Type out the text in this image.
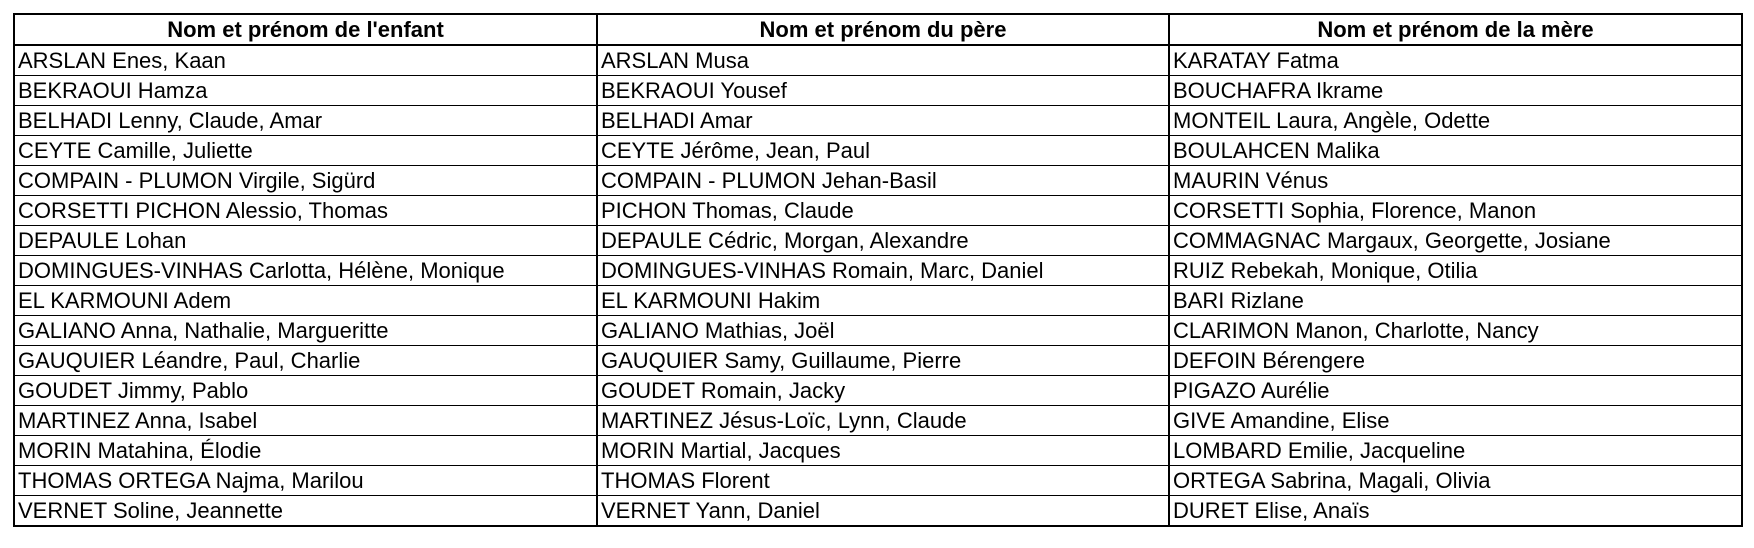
Nom et prénom de l'enfant	Nom et prénom du père	Nom et prénom de la mère
ARSLAN Enes, Kaan	ARSLAN Musa	KARATAY Fatma
BEKRAOUI Hamza	BEKRAOUI Yousef	BOUCHAFRA Ikrame
BELHADI Lenny, Claude, Amar	BELHADI Amar	MONTEIL Laura, Angèle, Odette
CEYTE Camille, Juliette	CEYTE Jérôme, Jean, Paul	BOULAHCEN Malika
COMPAIN - PLUMON Virgile, Sigürd	COMPAIN - PLUMON Jehan-Basil	MAURIN Vénus
CORSETTI PICHON Alessio, Thomas	PICHON Thomas, Claude	CORSETTI Sophia, Florence, Manon
DEPAULE Lohan	DEPAULE Cédric, Morgan, Alexandre	COMMAGNAC Margaux, Georgette, Josiane
DOMINGUES-VINHAS Carlotta, Hélène, Monique	DOMINGUES-VINHAS Romain, Marc, Daniel	RUIZ Rebekah, Monique, Otilia
EL KARMOUNI Adem	EL KARMOUNI Hakim	BARI Rizlane
GALIANO Anna, Nathalie, Margueritte	GALIANO Mathias, Joël	CLARIMON Manon, Charlotte, Nancy
GAUQUIER Léandre, Paul, Charlie	GAUQUIER Samy, Guillaume, Pierre	DEFOIN Bérengere
GOUDET Jimmy, Pablo	GOUDET Romain, Jacky	PIGAZO Aurélie
MARTINEZ Anna, Isabel	MARTINEZ Jésus-Loïc, Lynn, Claude	GIVE Amandine, Elise
MORIN Matahina, Élodie	MORIN Martial, Jacques	LOMBARD Emilie, Jacqueline
THOMAS ORTEGA Najma, Marilou	THOMAS Florent	ORTEGA Sabrina, Magali, Olivia
VERNET Soline, Jeannette	VERNET Yann, Daniel	DURET Elise, Anaïs
